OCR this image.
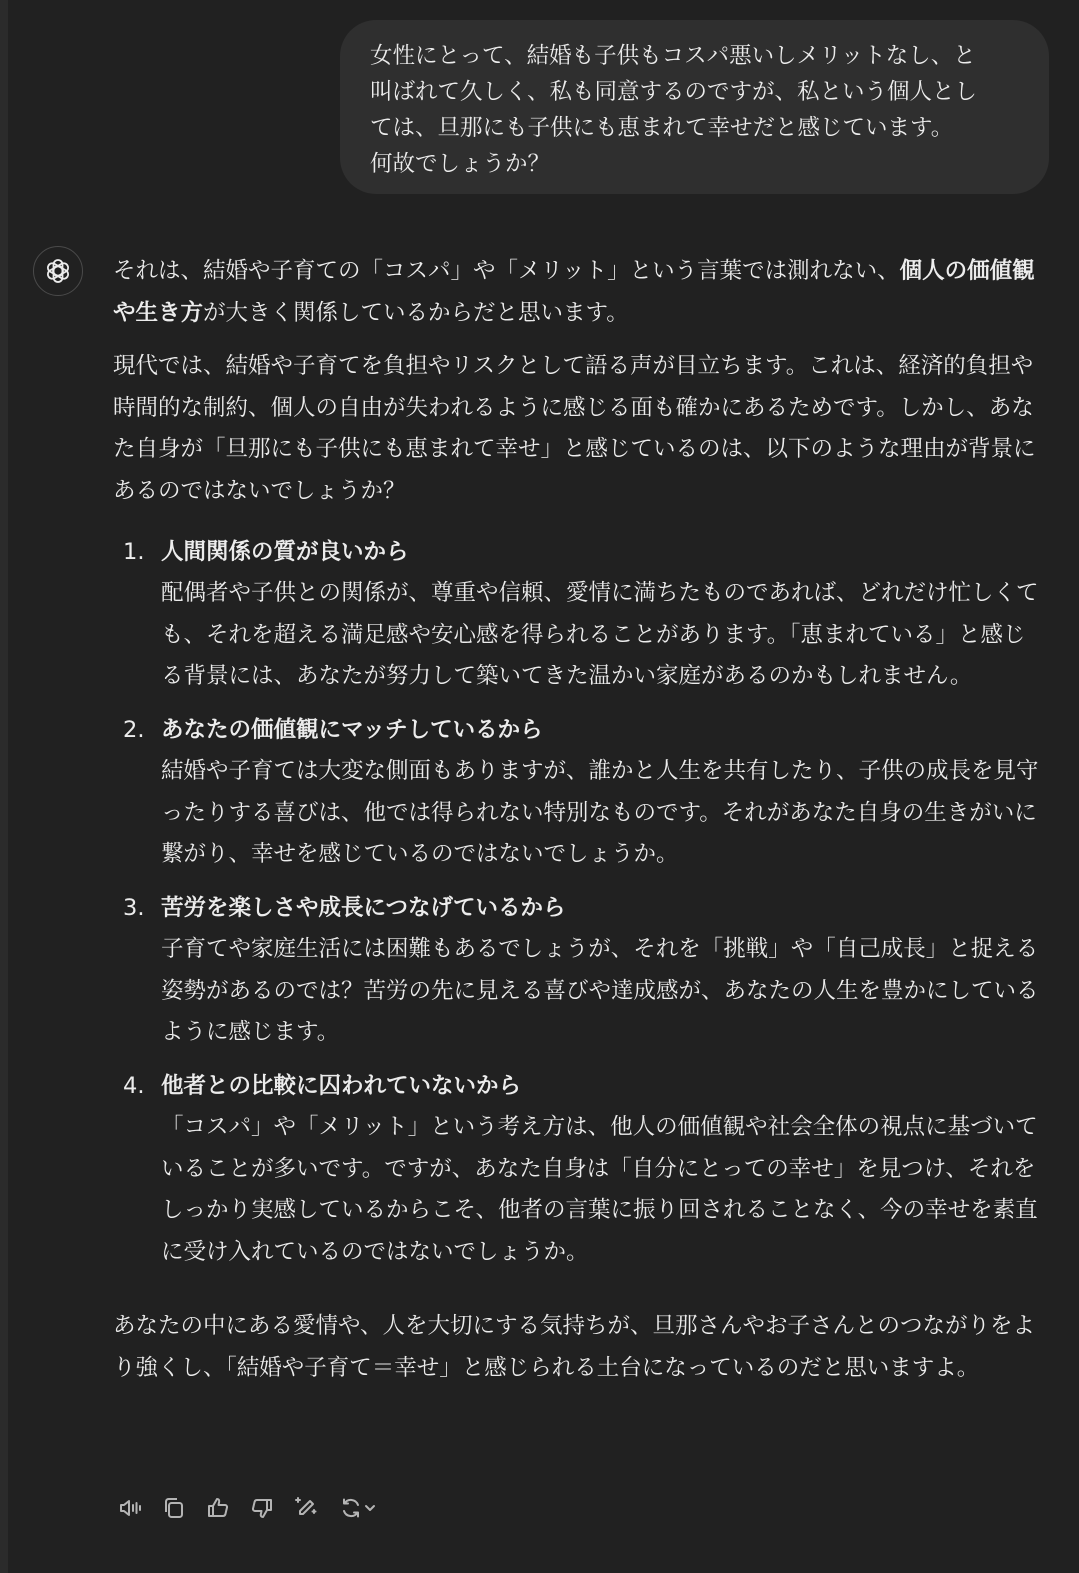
女性にとって、結婚も子供もコスパ悪いしメリットなし、と

叫ばれて久しく、私も同意するのですが、私という個人とし

ては、旦那にも子供にも恵まれて幸せだと感じています。

何故でしょうか？

それは、結婚や子育ての「コスパ」や「メリット」という言葉では測れない、個人の価値観や生き方が大きく関係しているからだと思います。

現代では、結婚や子育てを負担やリスクとして語る声が目立ちます。これは、経済的負担や時間的な制約、個人の自由が失われるように感じる面も確かにあるためです。しかし、あなた自身が「旦那にも子供にも恵まれて幸せ」と感じているのは、以下のような理由が背景にあるのではないでしょうか？

1. 人間関係の質が良いから
配偶者や子供との関係が、尊重や信頼、愛情に満ちたものであれば、どれだけ忙しくても、それを超える満足感や安心感を得られることがあります。「恵まれている」と感じる背景には、あなたが努力して築いてきた温かい家庭があるのかもしれません。
2. あなたの価値観にマッチしているから
結婚や子育ては大変な側面もありますが、誰かと人生を共有したり、子供の成長を見守ったりする喜びは、他では得られない特別なものです。それがあなた自身の生きがいに繋がり、幸せを感じているのではないでしょうか。
3. 苦労を楽しさや成長につなげているから
子育てや家庭生活には困難もあるでしょうが、それを「挑戦」や「自己成長」と捉える姿勢があるのでは？苦労の先に見える喜びや達成感が、あなたの人生を豊かにしているように感じます。
4. 他者との比較に囚われていないから
「コスパ」や「メリット」という考え方は、他人の価値観や社会全体の視点に基づいていることが多いです。ですが、あなた自身は「自分にとっての幸せ」を見つけ、それをしっかり実感しているからこそ、他者の言葉に振り回されることなく、今の幸せを素直に受け入れているのではないでしょうか。

あなたの中にある愛情や、人を大切にする気持ちが、旦那さんやお子さんとのつながりをより強くし、「結婚や子育て＝幸せ」と感じられる土台になっているのだと思いますよ。
